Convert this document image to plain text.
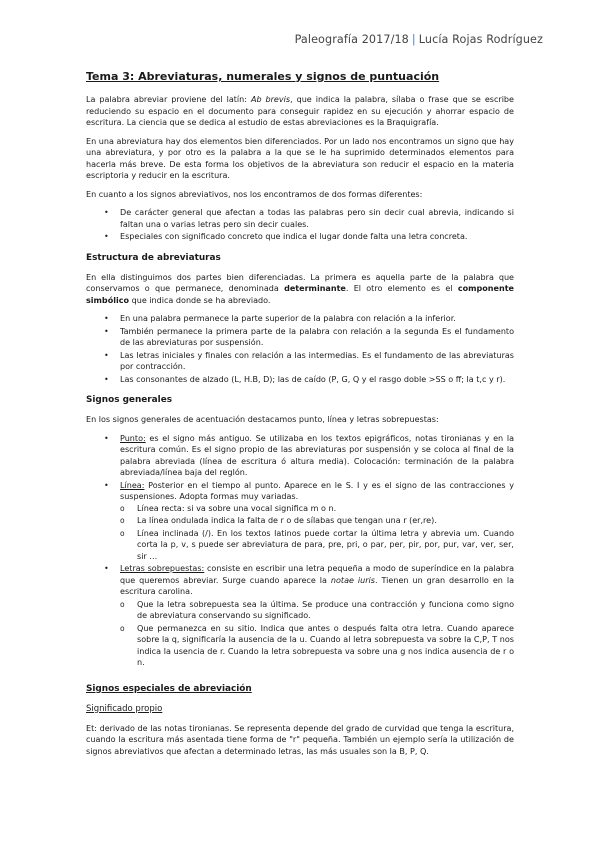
Paleografía 2017/18 | Lucía Rojas Rodríguez
Tema 3: Abreviaturas, numerales y signos de puntuación

La palabra abreviar proviene del latín: Ab brevis, que indica la palabra, sílaba o frase que se escribe reduciendo su espacio en el documento para conseguir rapidez en su ejecución y ahorrar espacio de escritura. La ciencia que se dedica al estudio de estas abreviaciones es la Braquigrafía.

En una abreviatura hay dos elementos bien diferenciados. Por un lado nos encontramos un signo que hay una abreviatura, y por otro es la palabra a la que se le ha suprimido determinados elementos para hacerla más breve. De esta forma los objetivos de la abreviatura son reducir el espacio en la materia escriptoria y reducir en la escritura.

En cuanto a los signos abreviativos, nos los encontramos de dos formas diferentes:

• De carácter general que afectan a todas las palabras pero sin decir cual abrevia, indicando si faltan una o varias letras pero sin decir cuales.
• Especiales con significado concreto que indica el lugar donde falta una letra concreta.
Estructura de abreviaturas

En ella distinguimos dos partes bien diferenciadas. La primera es aquella parte de la palabra que conservamos o que permanece, denominada determinante. El otro elemento es el componente simbólico que indica donde se ha abreviado.

• En una palabra permanece la parte superior de la palabra con relación a la inferior.
• También permanece la primera parte de la palabra con relación a la segunda Es el fundamento de las abreviaturas por suspensión.
• Las letras iniciales y finales con relación a las intermedias. Es el fundamento de las abreviaturas por contracción.
• Las consonantes de alzado (L, H.B, D); las de caído (P, G, Q y el rasgo doble >SS o ff; la t,c y r).
Signos generales

En los signos generales de acentuación destacamos punto, línea y letras sobrepuestas:

• Punto: es el signo más antiguo. Se utilizaba en los textos epigráficos, notas tironianas y en la escritura común. Es el signo propio de las abreviaturas por suspensión y se coloca al final de la palabra abreviada (línea de escritura ó altura media). Colocación: terminación de la palabra abreviada/línea baja del reglón.
• Línea: Posterior en el tiempo al punto. Aparece en le S. I y es el signo de las contracciones y suspensiones. Adopta formas muy variadas.
o Línea recta: si va sobre una vocal significa m o n.
o La línea ondulada indica la falta de r o de sílabas que tengan una r (er,re).
o Línea inclinada (/). En los textos latinos puede cortar la última letra y abrevia um. Cuando corta la p, v, s puede ser abreviatura de para, pre, pri, o par, per, pir, por, pur, var, ver, ser, sir …
• Letras sobrepuestas: consiste en escribir una letra pequeña a modo de superíndice en la palabra que queremos abreviar. Surge cuando aparece la notae iuris. Tienen un gran desarrollo en la escritura carolina.
o Que la letra sobrepuesta sea la última. Se produce una contracción y funciona como signo de abreviatura conservando su significado.
o Que permanezca en su sitio. Indica que antes o después falta otra letra. Cuando aparece sobre la q, significaría la ausencia de la u. Cuando al letra sobrepuesta va sobre la C,P, T nos indica la usencia de r. Cuando la letra sobrepuesta va sobre una g nos indica ausencia de r o n.
Signos especiales de abreviación
Significado propio

Et: derivado de las notas tironianas. Se representa depende del grado de curvidad que tenga la escritura, cuando la escritura más asentada tiene forma de "r" pequeña. También un ejemplo sería la utilización de signos abreviativos que afectan a determinado letras, las más usuales son la B, P, Q.
